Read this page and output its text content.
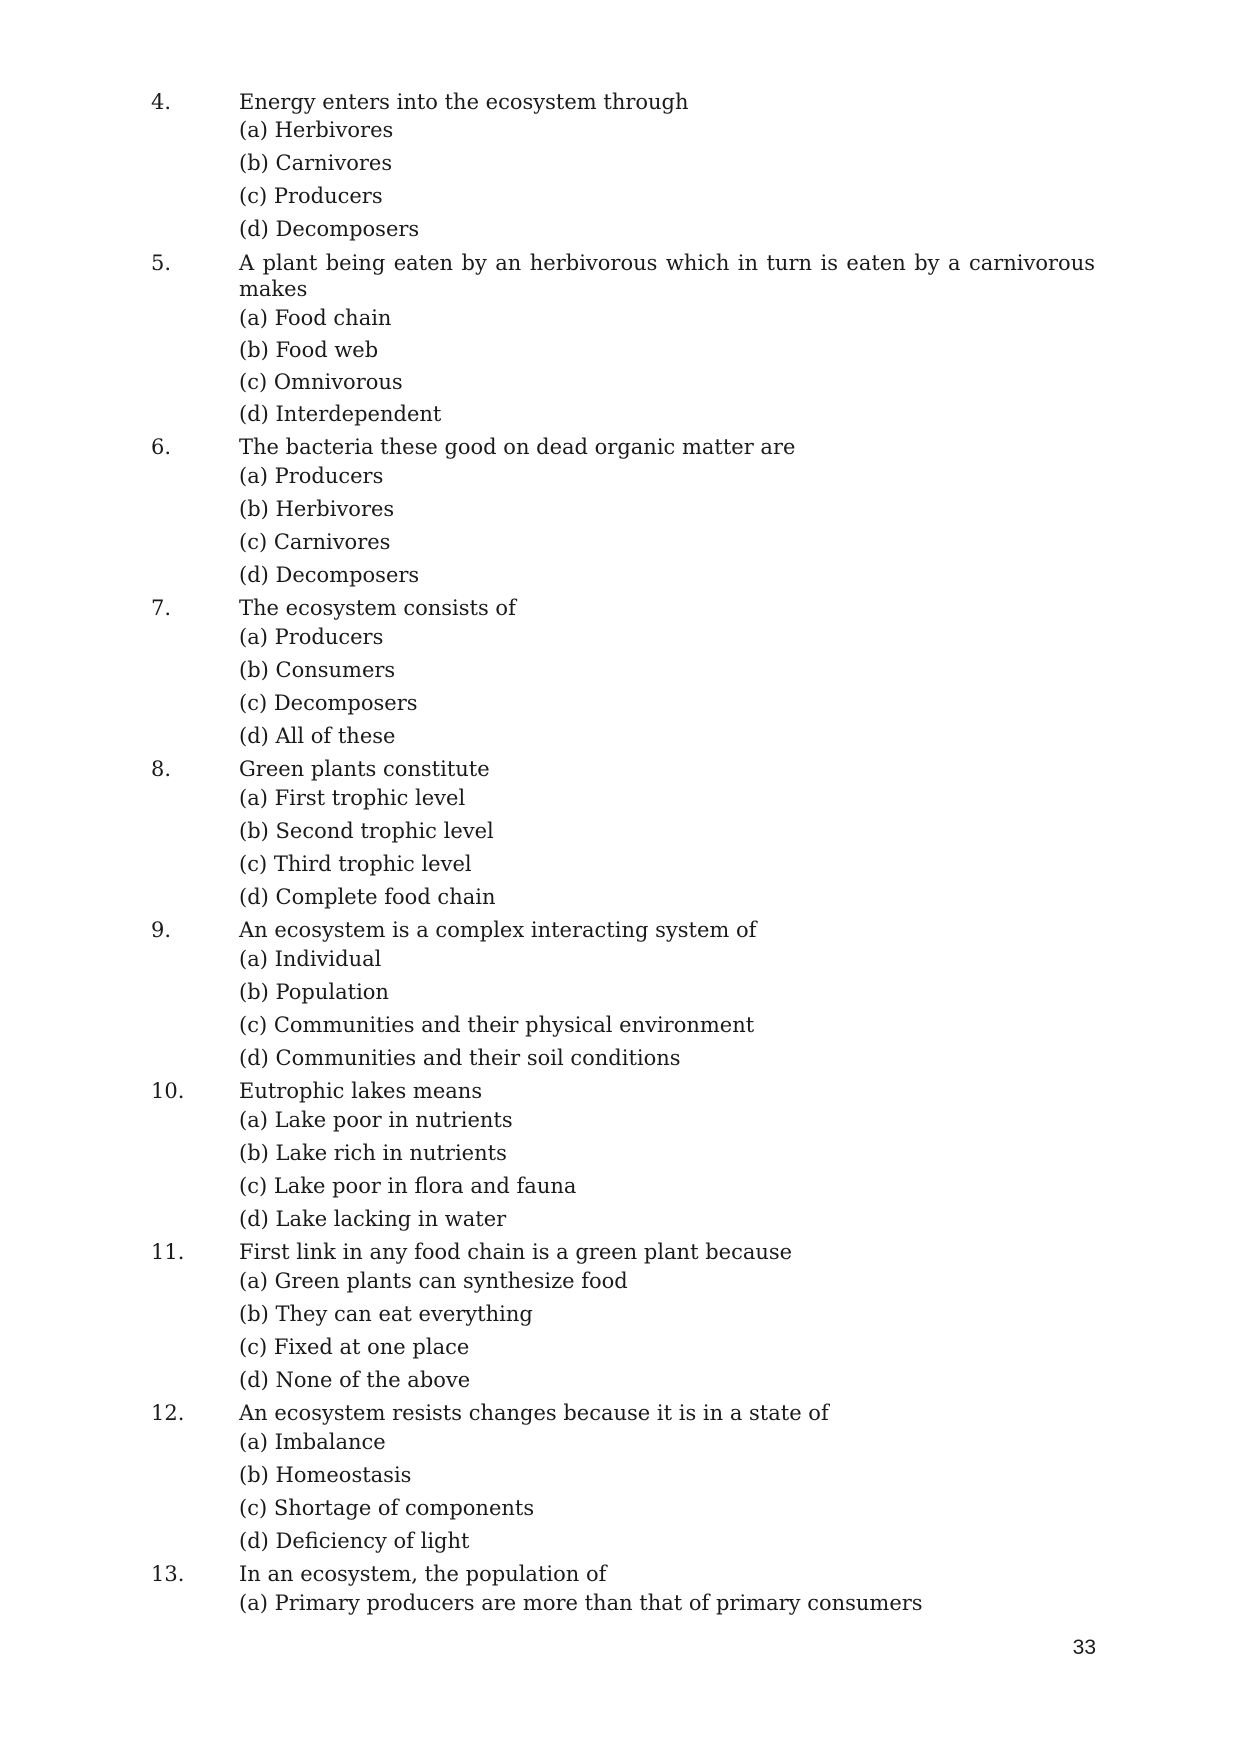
4.	Energy enters into the ecosystem through
(a) Herbivores
(b) Carnivores
(c) Producers
(d) Decomposers
5.	A plant being eaten by an herbivorous which in turn is eaten by a carnivorous makes
(a) Food chain
(b) Food web
(c) Omnivorous
(d) Interdependent
6.	The bacteria these good on dead organic matter are
(a) Producers
(b) Herbivores
(c) Carnivores
(d) Decomposers
7.	The ecosystem consists of
(a) Producers
(b) Consumers
(c) Decomposers
(d) All of these
8.	Green plants constitute
(a) First trophic level
(b) Second trophic level
(c) Third trophic level
(d) Complete food chain
9.	An ecosystem is a complex interacting system of
(a) Individual
(b) Population
(c) Communities and their physical environment
(d) Communities and their soil conditions
10.	Eutrophic lakes means
(a) Lake poor in nutrients
(b) Lake rich in nutrients
(c) Lake poor in flora and fauna
(d) Lake lacking in water
11.	First link in any food chain is a green plant because
(a) Green plants can synthesize food
(b) They can eat everything
(c) Fixed at one place
(d) None of the above
12.	An ecosystem resists changes because it is in a state of
(a) Imbalance
(b) Homeostasis
(c) Shortage of components
(d) Deficiency of light
13.	In an ecosystem, the population of
(a) Primary producers are more than that of primary consumers
33
